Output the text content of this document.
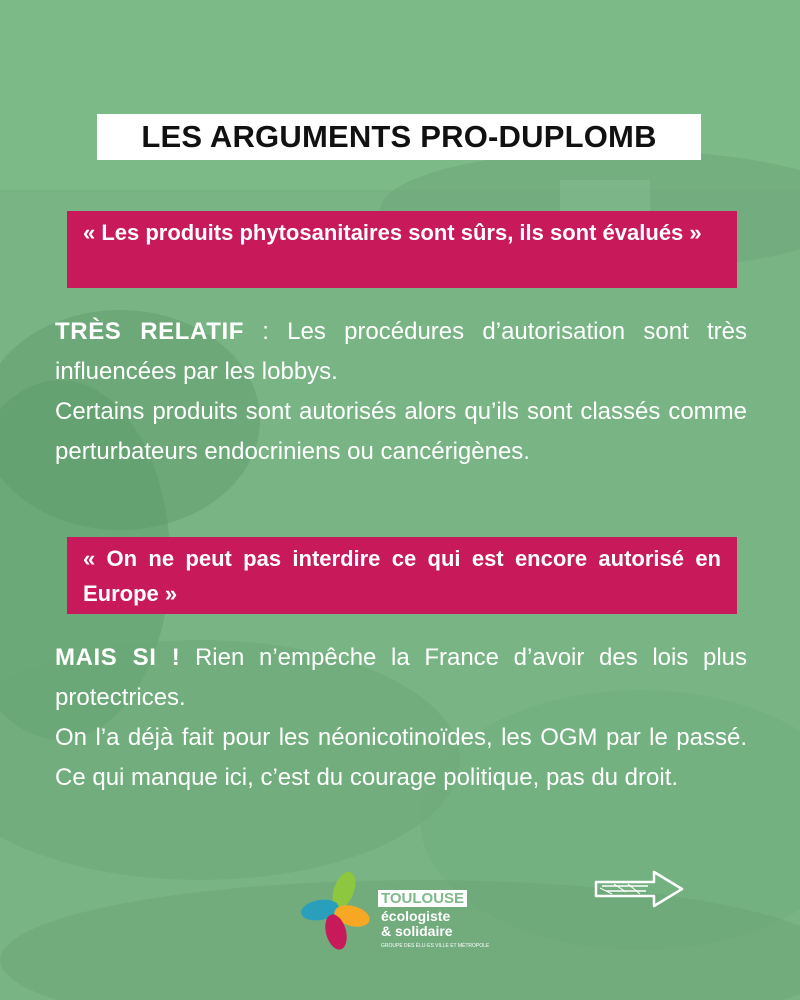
LES ARGUMENTS PRO-DUPLOMB
« Les produits phytosanitaires sont sûrs, ils sont évalués »

TRÈS RELATIF : Les procédures d’autorisation sont très influencées par les lobbys.

Certains produits sont autorisés alors qu’ils sont classés comme perturbateurs endocriniens ou cancérigènes.

« On ne peut pas interdire ce qui est encore autorisé en Europe »

MAIS SI ! Rien n’empêche la France d’avoir des lois plus protectrices.

On l’a déjà fait pour les néonicotinoïdes, les OGM par le passé. Ce qui manque ici, c’est du courage politique, pas du droit.

TOULOUSE
écologiste
& solidaire
GROUPE DES ÉLU·ES VILLE ET MÉTROPOLE
